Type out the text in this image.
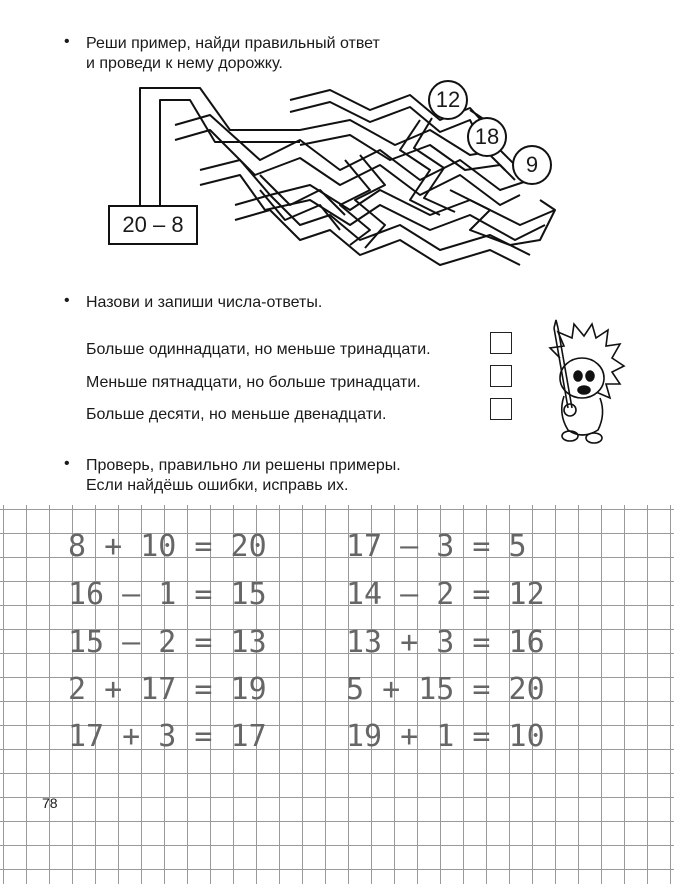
• Реши пример, найди правильный ответ
и проведи к нему дорожку.
20 – 8
12
18
9
• Назови и запиши числа-ответы.
Больше одиннадцати, но меньше тринадцати.
Меньше пятнадцати, но больше тринадцати.
Больше десяти, но меньше двенадцати.
• Проверь, правильно ли решены примеры.
Если найдёшь ошибки, исправь их.
8 + 10 = 20
16 – 1 = 15
15 – 2 = 13
2 + 17 = 19
17 + 3 = 17
17 – 3 = 5
14 – 2 = 12
13 + 3 = 16
5 + 15 = 20
19 + 1 = 10
78
